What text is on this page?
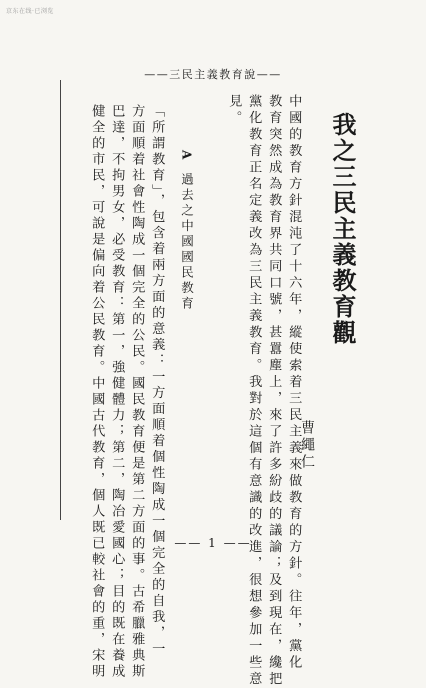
京东在线·已浏览
——三民主義教育說——
我之三民主義教育觀
曹繩仁
中國的教育方針混沌了十六年，縱使索着三民主義來做教育的方針。往年，黨化
教育突然成為教育界共同口號，甚囂塵上，來了許多紛歧的議論；及到現在，纔把
黨化教育正名定義改為三民主義教育。我對於這個有意識的改進，很想參加一些意
見。
A過去之中國國民教育
「所謂教育」，包含着兩方面的意義：一方面順着個性陶成一個完全的自我，一
方面順着社會性陶成一個完全的公民。國民教育便是第二方面的事。古希臘雅典斯
巴達，不拘男女，必受教育：第一，強健體力；第二，陶冶愛國心；目的既在養成
健全的市民，可說是偏向着公民教育。中國古代教育，個人既已較社會的重，宋明	—— 1 ——
